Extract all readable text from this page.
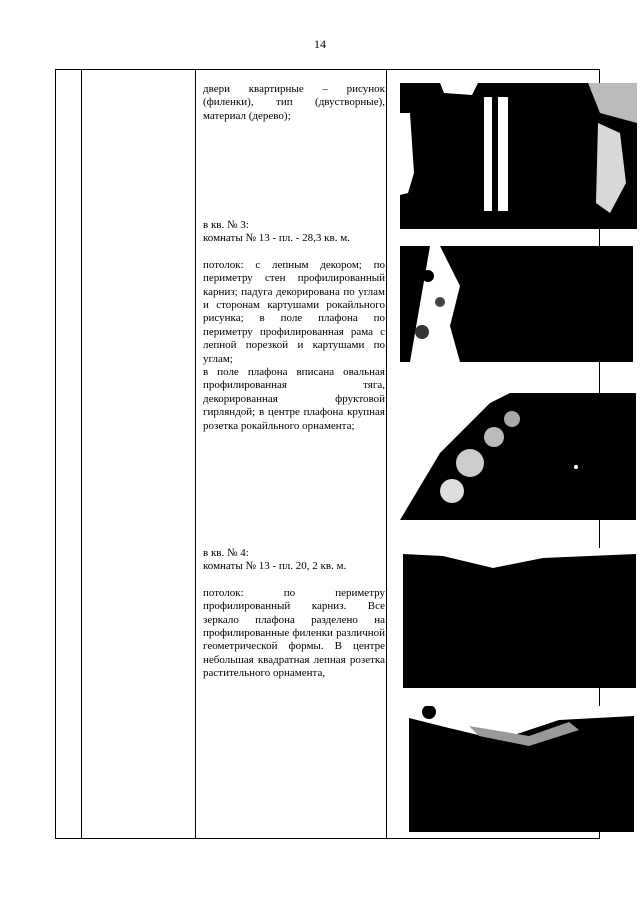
14

двери квартирные – рисунок (филенки), тип (двустворные), материал (дерево);

в кв. № 3:

комнаты № 13 - пл. - 28,3 кв. м.

потолок: с лепным декором; по периметру стен профилированный карниз; падуга декорирована по углам и сторонам картушами рокайльного рисунка; в поле плафона по периметру профилированная рама с лепной порезкой и картушами по углам;

в поле плафона вписана овальная профилированная тяга, декорированная фруктовой гирляндой; в центре плафона крупная розетка рокайльного орнамента;

в кв. № 4:

комнаты № 13 - пл. 20, 2 кв. м.

потолок: по периметру профилированный карниз. Все зеркало плафона разделено на профилированные филенки различной геометрической формы. В центре небольшая квадратная лепная розетка растительного орнамента,
